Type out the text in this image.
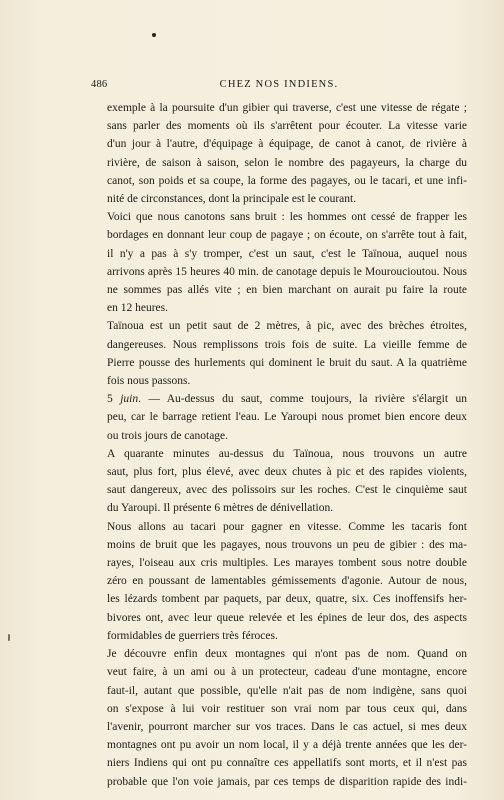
486	CHEZ NOS INDIENS.
exemple à la poursuite d'un gibier qui traverse, c'est une vitesse de régate ;
sans parler des moments où ils s'arrêtent pour écouter. La vitesse varie
d'un jour à l'autre, d'équipage à équipage, de canot à canot, de rivière à
rivière, de saison à saison, selon le nombre des pagayeurs, la charge du
canot, son poids et sa coupe, la forme des pagayes, ou le tacari, et une infi-
nité de circonstances, dont la principale est le courant.
Voici que nous canotons sans bruit : les hommes ont cessé de frapper les
bordages en donnant leur coup de pagaye ; on écoute, on s'arrête tout à fait,
il n'y a pas à s'y tromper, c'est un saut, c'est le Taïnoua, auquel nous
arrivons après 15 heures 40 min. de canotage depuis le Mouroucioutou. Nous
ne sommes pas allés vite ; en bien marchant on aurait pu faire la route
en 12 heures.
Taïnoua est un petit saut de 2 mètres, à pic, avec des brèches étroites,
dangereuses. Nous remplissons trois fois de suite. La vieille femme de
Pierre pousse des hurlements qui dominent le bruit du saut. A la quatrième
fois nous passons.
5 juin. — Au-dessus du saut, comme toujours, la rivière s'élargit un
peu, car le barrage retient l'eau. Le Yaroupi nous promet bien encore deux
ou trois jours de canotage.
A quarante minutes au-dessus du Taïnoua, nous trouvons un autre
saut, plus fort, plus élevé, avec deux chutes à pic et des rapides violents,
saut dangereux, avec des polissoirs sur les roches. C'est le cinquième saut
du Yaroupi. Il présente 6 mètres de dénivellation.
Nous allons au tacari pour gagner en vitesse. Comme les tacaris font
moins de bruit que les pagayes, nous trouvons un peu de gibier : des ma-
rayes, l'oiseau aux cris multiples. Les marayes tombent sous notre double
zéro en poussant de lamentables gémissements d'agonie. Autour de nous,
les lézards tombent par paquets, par deux, quatre, six. Ces inoffensifs her-
bivores ont, avec leur queue relevée et les épines de leur dos, des aspects
formidables de guerriers très féroces.
Je découvre enfin deux montagnes qui n'ont pas de nom. Quand on
veut faire, à un ami ou à un protecteur, cadeau d'une montagne, encore
faut-il, autant que possible, qu'elle n'ait pas de nom indigène, sans quoi
on s'expose à lui voir restituer son vrai nom par tous ceux qui, dans
l'avenir, pourront marcher sur vos traces. Dans le cas actuel, si mes deux
montagnes ont pu avoir un nom local, il y a déjà trente années que les der-
niers Indiens qui ont pu connaître ces appellatifs sont morts, et il n'est pas
probable que l'on voie jamais, par ces temps de disparition rapide des indi-
